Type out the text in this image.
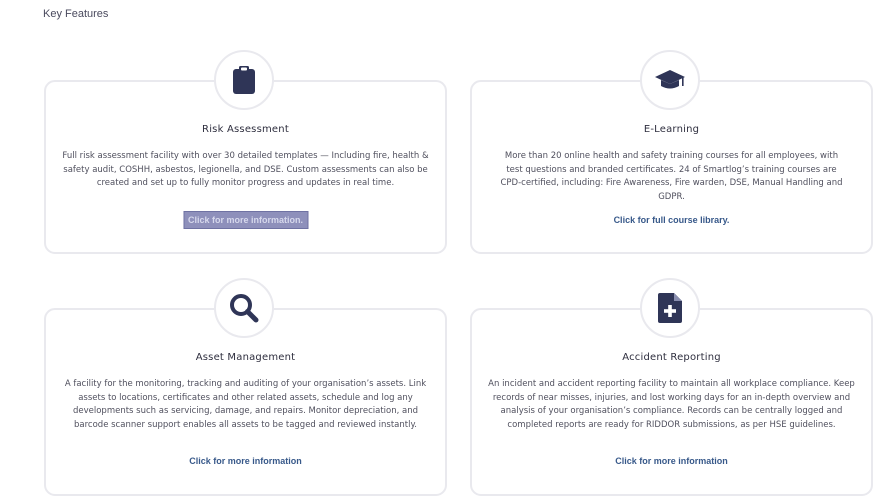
Key Features
Risk Assessment
Full risk assessment facility with over 30 detailed templates — Including fire, health & safety audit, COSHH, asbestos, legionella, and DSE. Custom assessments can also be created and set up to fully monitor progress and updates in real time.
Click for more information.
E-Learning
More than 20 online health and safety training courses for all employees, with test questions and branded certificates. 24 of Smartlog’s training courses are CPD-certified, including: Fire Awareness, Fire warden, DSE, Manual Handling and GDPR.
Click for full course library.
Asset Management
A facility for the monitoring, tracking and auditing of your organisation’s assets. Link assets to locations, certificates and other related assets, schedule and log any developments such as servicing, damage, and repairs. Monitor depreciation, and barcode scanner support enables all assets to be tagged and reviewed instantly.
Click for more information
Accident Reporting
An incident and accident reporting facility to maintain all workplace compliance. Keep records of near misses, injuries, and lost working days for an in-depth overview and analysis of your organisation’s compliance. Records can be centrally logged and completed reports are ready for RIDDOR submissions, as per HSE guidelines.
Click for more information
